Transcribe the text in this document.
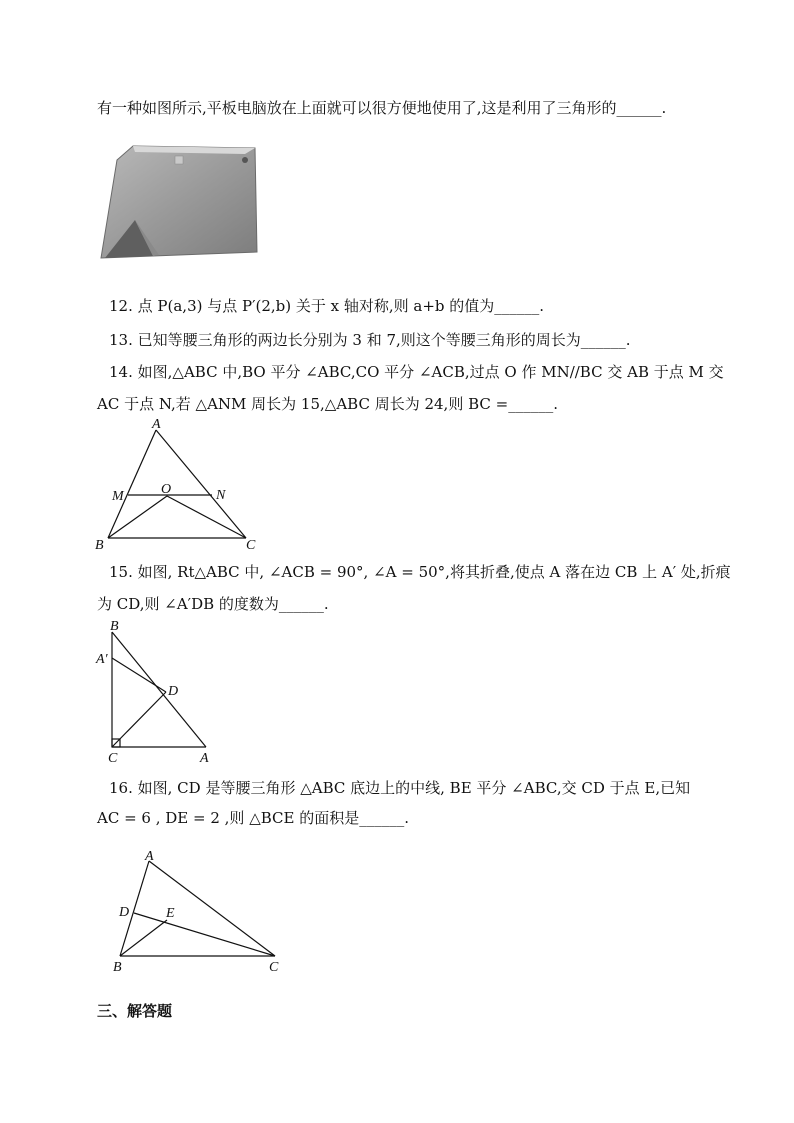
有一种如图所示,平板电脑放在上面就可以很方便地使用了,这是利用了三角形的______.
12. 点 P(a,3) 与点 P′(2,b) 关于 x 轴对称,则 a+b 的值为______.
13. 已知等腰三角形的两边长分别为 3 和 7,则这个等腰三角形的周长为______.
14. 如图,△ABC 中,BO 平分 ∠ABC,CO 平分 ∠ACB,过点 O 作 MN//BC 交 AB 于点 M 交
AC 于点 N,若 △ANM 周长为 15,△ABC 周长为 24,则 BC =______.
A
B	C
M	O	N
15. 如图, Rt△ABC 中, ∠ACB = 90°, ∠A = 50°,将其折叠,使点 A 落在边 CB 上 A′ 处,折痕
为 CD,则 ∠A′DB 的度数为______.
B
A′
D
C	A
16. 如图, CD 是等腰三角形 △ABC 底边上的中线, BE 平分 ∠ABC,交 CD 于点 E,已知
AC = 6 , DE = 2 ,则 △BCE 的面积是______.
A
D	E
B	C
三、解答题
